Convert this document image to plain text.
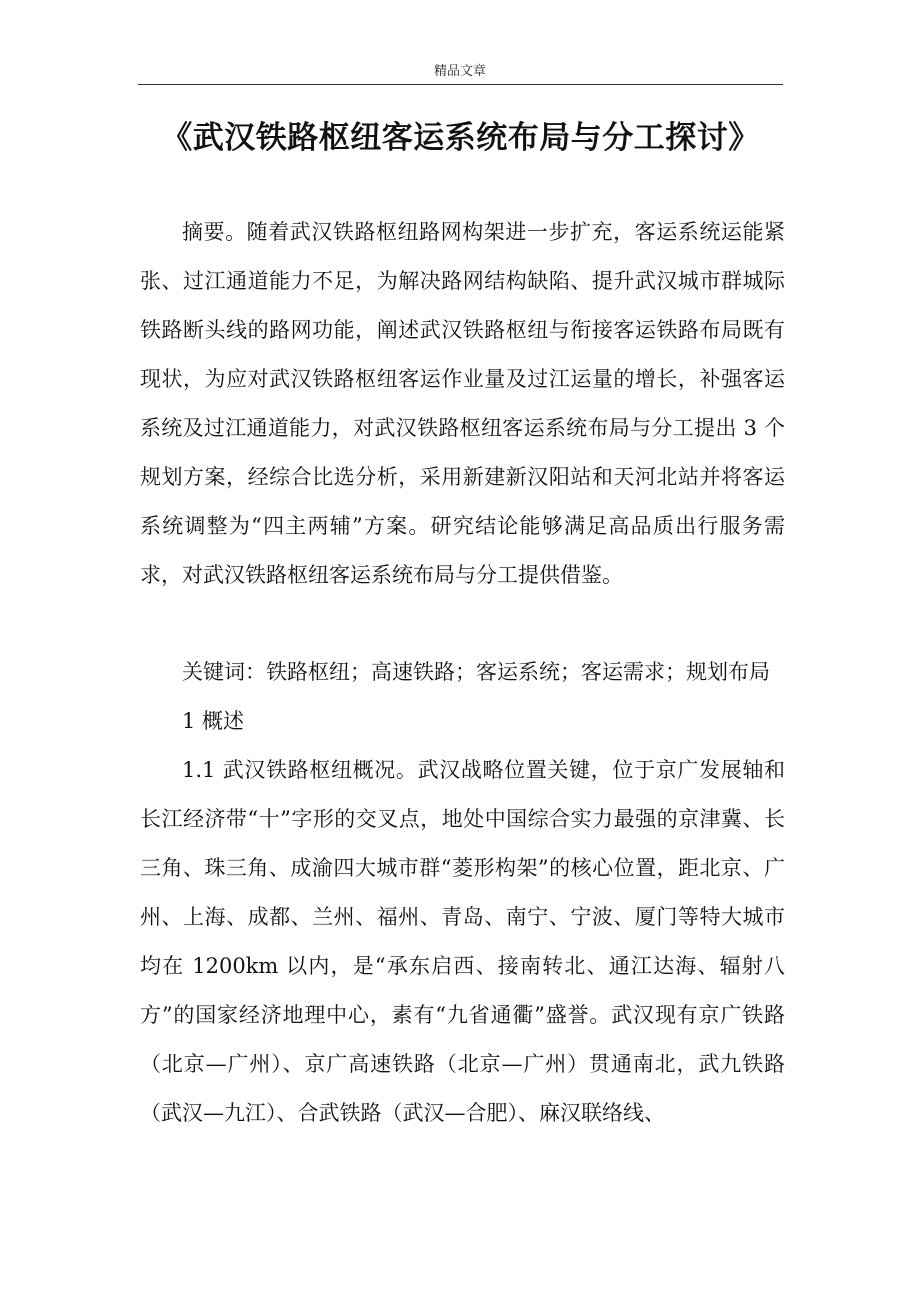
精品文章
《武汉铁路枢纽客运系统布局与分工探讨》

摘要。随着武汉铁路枢纽路网构架进一步扩充，客运系统运能紧张、过江通道能力不足，为解决路网结构缺陷、提升武汉城市群城际铁路断头线的路网功能，阐述武汉铁路枢纽与衔接客运铁路布局既有现状，为应对武汉铁路枢纽客运作业量及过江运量的增长，补强客运系统及过江通道能力，对武汉铁路枢纽客运系统布局与分工提出 3 个规划方案，经综合比选分析，采用新建新汉阳站和天河北站并将客运系统调整为“四主两辅”方案。研究结论能够满足高品质出行服务需求，对武汉铁路枢纽客运系统布局与分工提供借鉴。

关键词：铁路枢纽；高速铁路；客运系统；客运需求；规划布局

1 概述

1.1 武汉铁路枢纽概况。武汉战略位置关键，位于京广发展轴和长江经济带“十”字形的交叉点，地处中国综合实力最强的京津冀、长三角、珠三角、成渝四大城市群“菱形构架”的核心位置，距北京、广州、上海、成都、兰州、福州、青岛、南宁、宁波、厦门等特大城市均在 1200km 以内，是“承东启西、接南转北、通江达海、辐射八方”的国家经济地理中心，素有“九省通衢”盛誉。武汉现有京广铁路（北京—广州）、京广高速铁路（北京—广州）贯通南北，武九铁路（武汉—九江）、合武铁路（武汉—合肥）、麻汉联络线、
